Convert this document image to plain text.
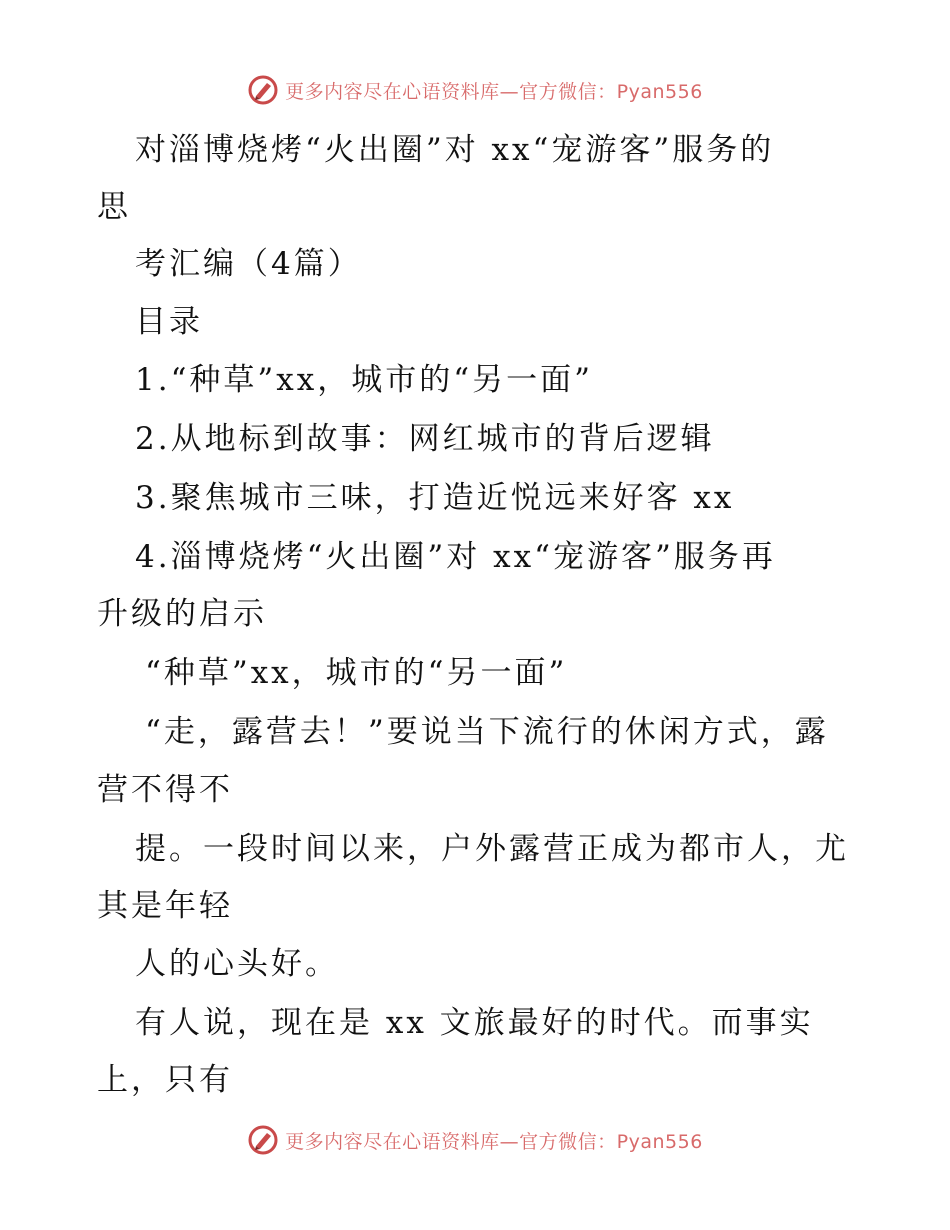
更多内容尽在心语资料库—官方微信：Pyan556
对淄博烧烤“火出圈”对 xx“宠游客”服务的
思
考汇编（4篇）
目录
1.“种草”xx，城市的“另一面”
2.从地标到故事：网红城市的背后逻辑
3.聚焦城市三味，打造近悦远来好客 xx
4.淄博烧烤“火出圈”对 xx“宠游客”服务再
升级的启示
“种草”xx，城市的“另一面”
“走，露营去！”要说当下流行的休闲方式，露
营不得不
提。一段时间以来，户外露营正成为都市人，尤
其是年轻
人的心头好。
有人说，现在是 xx 文旅最好的时代。而事实
上，只有
更多内容尽在心语资料库—官方微信：Pyan556
